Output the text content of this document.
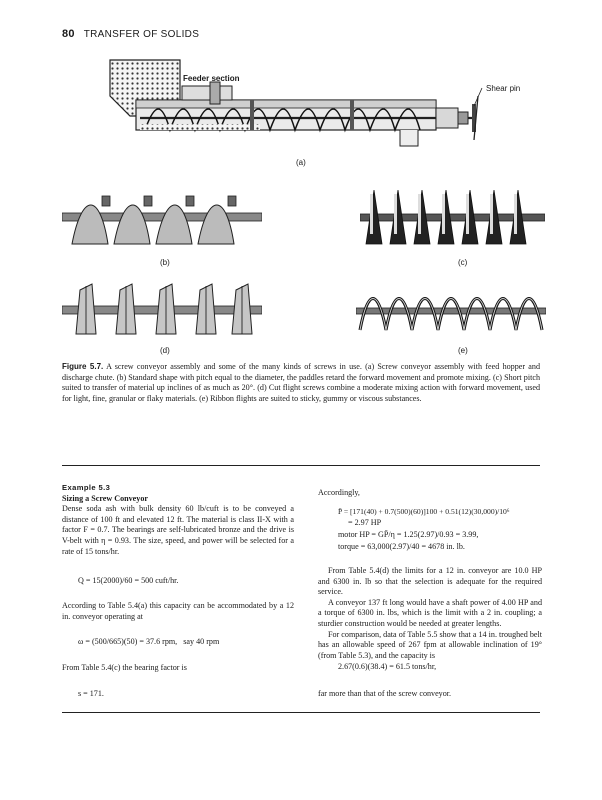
80 TRANSFER OF SOLIDS
Feeder section
Shear pin
(a)
(b)	(c)
(d)	(e)
Figure 5.7. A screw conveyor assembly and some of the many kinds of screws in use. (a) Screw conveyor assembly with feed hopper and discharge chute. (b) Standard shape with pitch equal to the diameter, the paddles retard the forward movement and promote mixing. (c) Short pitch suited to transfer of material up inclines of as much as 20°. (d) Cut flight screws combine a moderate mixing action with forward movement, used for light, fine, granular or flaky materials. (e) Ribbon flights are suited to sticky, gummy or viscous substances.
Example 5.3
Sizing a Screw Conveyor

Dense soda ash with bulk density 60 lb/cuft is to be conveyed a distance of 100 ft and elevated 12 ft. The material is class II-X with a factor F = 0.7. The bearings are self-lubricated bronze and the drive is V-belt with η = 0.93. The size, speed, and power will be selected for a rate of 15 tons/hr.

Q = 15(2000)/60 = 500 cuft/hr.

According to Table 5.4(a) this capacity can be accommodated by a 12 in. conveyor operating at

ω = (500/665)(50) = 37.6 rpm,   say 40 rpm
From Table 5.4(c) the bearing factor is
s = 171.
Accordingly,
P̄ = [171(40) + 0.7(500)(60)]100 + 0.51(12)(30,000)/10⁶
= 2.97 HP
motor HP = GP̄/η = 1.25(2.97)/0.93 = 3.99,
torque = 63,000(2.97)/40 = 4678 in. lb.

From Table 5.4(d) the limits for a 12 in. conveyor are 10.0 HP and 6300 in. lb so that the selection is adequate for the required service.

A conveyor 137 ft long would have a shaft power of 4.00 HP and a torque of 6300 in. lbs, which is the limit with a 2 in. coupling; a sturdier construction would be needed at greater lengths.

For comparison, data of Table 5.5 show that a 14 in. troughed belt has an allowable speed of 267 fpm at allowable inclination of 19° (from Table 5.3), and the capacity is

2.67(0.6)(38.4) = 61.5 tons/hr,
far more than that of the screw conveyor.
